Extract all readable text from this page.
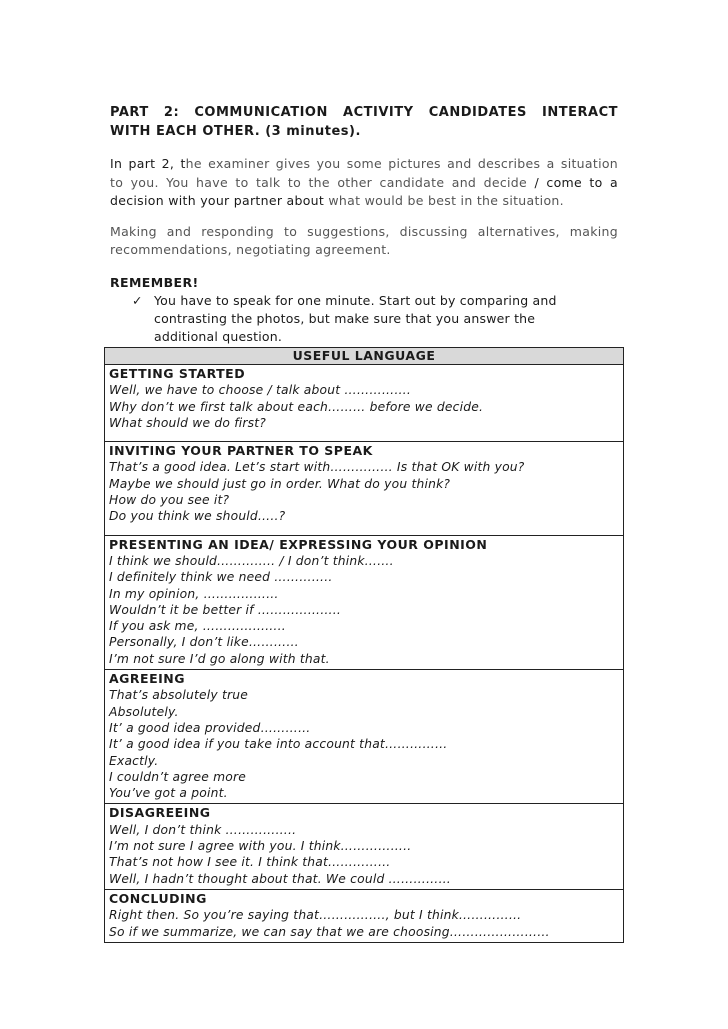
PART 2: COMMUNICATION ACTIVITY CANDIDATES INTERACT
WITH EACH OTHER. (3 minutes).

In part 2, the examiner gives you some pictures and describes a situation
to you. You have to talk to the other candidate and decide / come to a
decision with your partner about what would be best in the situation.

Making and responding to suggestions, discussing alternatives, making
recommendations, negotiating agreement.

REMEMBER!
✓ You have to speak for one minute. Start out by comparing and
contrasting the photos, but make sure that you answer the
additional question.
USEFUL LANGUAGE
GETTING STARTED
Well, we have to choose / talk about …………….
Why don’t we first talk about each……… before we decide.
What should we do first?
INVITING YOUR PARTNER TO SPEAK
That’s a good idea. Let’s start with…………… Is that OK with you?
Maybe we should just go in order. What do you think?
How do you see it?
Do you think we should…..?
PRESENTING AN IDEA/ EXPRESSING YOUR OPINION
I think we should………….. / I don’t think…….
I definitely think we need …………..
In my opinion, ………………
Wouldn’t it be better if ………………..
If you ask me, ………………..
Personally, I don’t like…………
I’m not sure I’d go along with that.
AGREEING
That’s absolutely true
Absolutely.
It’ a good idea provided…………
It’ a good idea if you take into account that……………
Exactly.
I couldn’t agree more
You’ve got a point.
DISAGREEING
Well, I don’t think ……………..
I’m not sure I agree with you. I think……………..
That’s not how I see it. I think that……………
Well, I hadn’t thought about that. We could ……………
CONCLUDING
Right then. So you’re saying that……………., but I think……………
So if we summarize, we can say that we are choosing……………………
